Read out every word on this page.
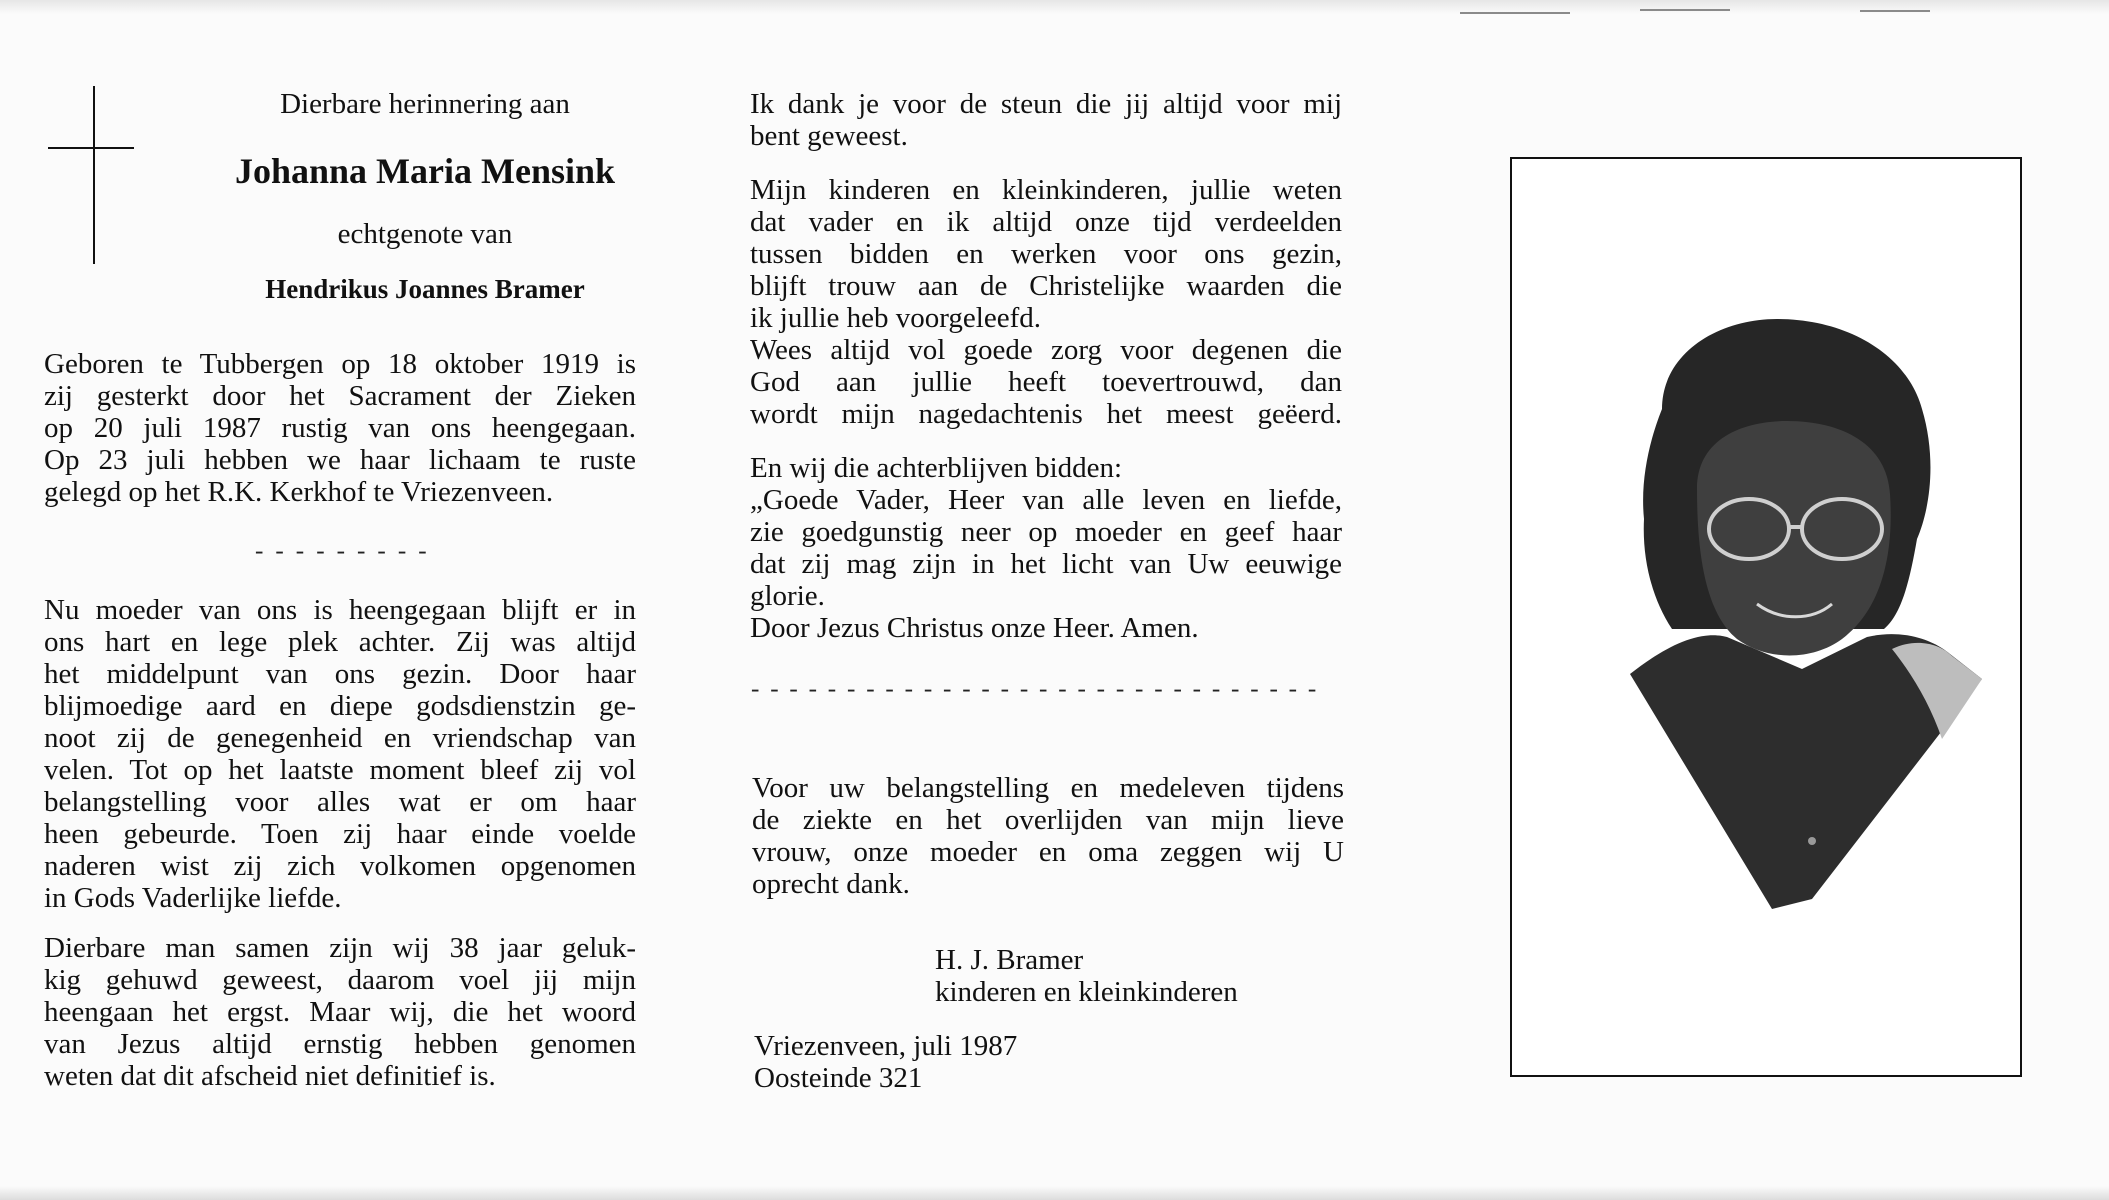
Dierbare herinnering aan
Johanna Maria Mensink
echtgenote van
Hendrikus Joannes Bramer
Geboren te Tubbergen op 18 oktober 1919 is
zij gesterkt door het Sacrament der Zieken
op 20 juli 1987 rustig van ons heengegaan.
Op 23 juli hebben we haar lichaam te ruste
gelegd op het R.K. Kerkhof te Vriezenveen.
---------
Nu moeder van ons is heengegaan blijft er in
ons hart en lege plek achter. Zij was altijd
het middelpunt van ons gezin. Door haar
blijmoedige aard en diepe godsdienstzin ge-
noot zij de genegenheid en vriendschap van
velen. Tot op het laatste moment bleef zij vol
belangstelling voor alles wat er om haar
heen gebeurde. Toen zij haar einde voelde
naderen wist zij zich volkomen opgenomen
in Gods Vaderlijke liefde.
Dierbare man samen zijn wij 38 jaar geluk-
kig gehuwd geweest, daarom voel jij mijn
heengaan het ergst. Maar wij, die het woord
van Jezus altijd ernstig hebben genomen
weten dat dit afscheid niet definitief is.
Ik dank je voor de steun die jij altijd voor mij
bent geweest.
Mijn kinderen en kleinkinderen, jullie weten
dat vader en ik altijd onze tijd verdeelden
tussen bidden en werken voor ons gezin,
blijft trouw aan de Christelijke waarden die
ik jullie heb voorgeleefd.
Wees altijd vol goede zorg voor degenen die
God aan jullie heeft toevertrouwd, dan
wordt mijn nagedachtenis het meest geëerd.
En wij die achterblijven bidden:
„Goede Vader, Heer van alle leven en liefde,
zie goedgunstig neer op moeder en geef haar
dat zij mag zijn in het licht van Uw eeuwige
glorie.
Door Jezus Christus onze Heer. Amen.
------------------------------
Voor uw belangstelling en medeleven tijdens
de ziekte en het overlijden van mijn lieve
vrouw, onze moeder en oma zeggen wij U
oprecht dank.
H. J. Bramer
kinderen en kleinkinderen
Vriezenveen, juli 1987
Oosteinde 321
